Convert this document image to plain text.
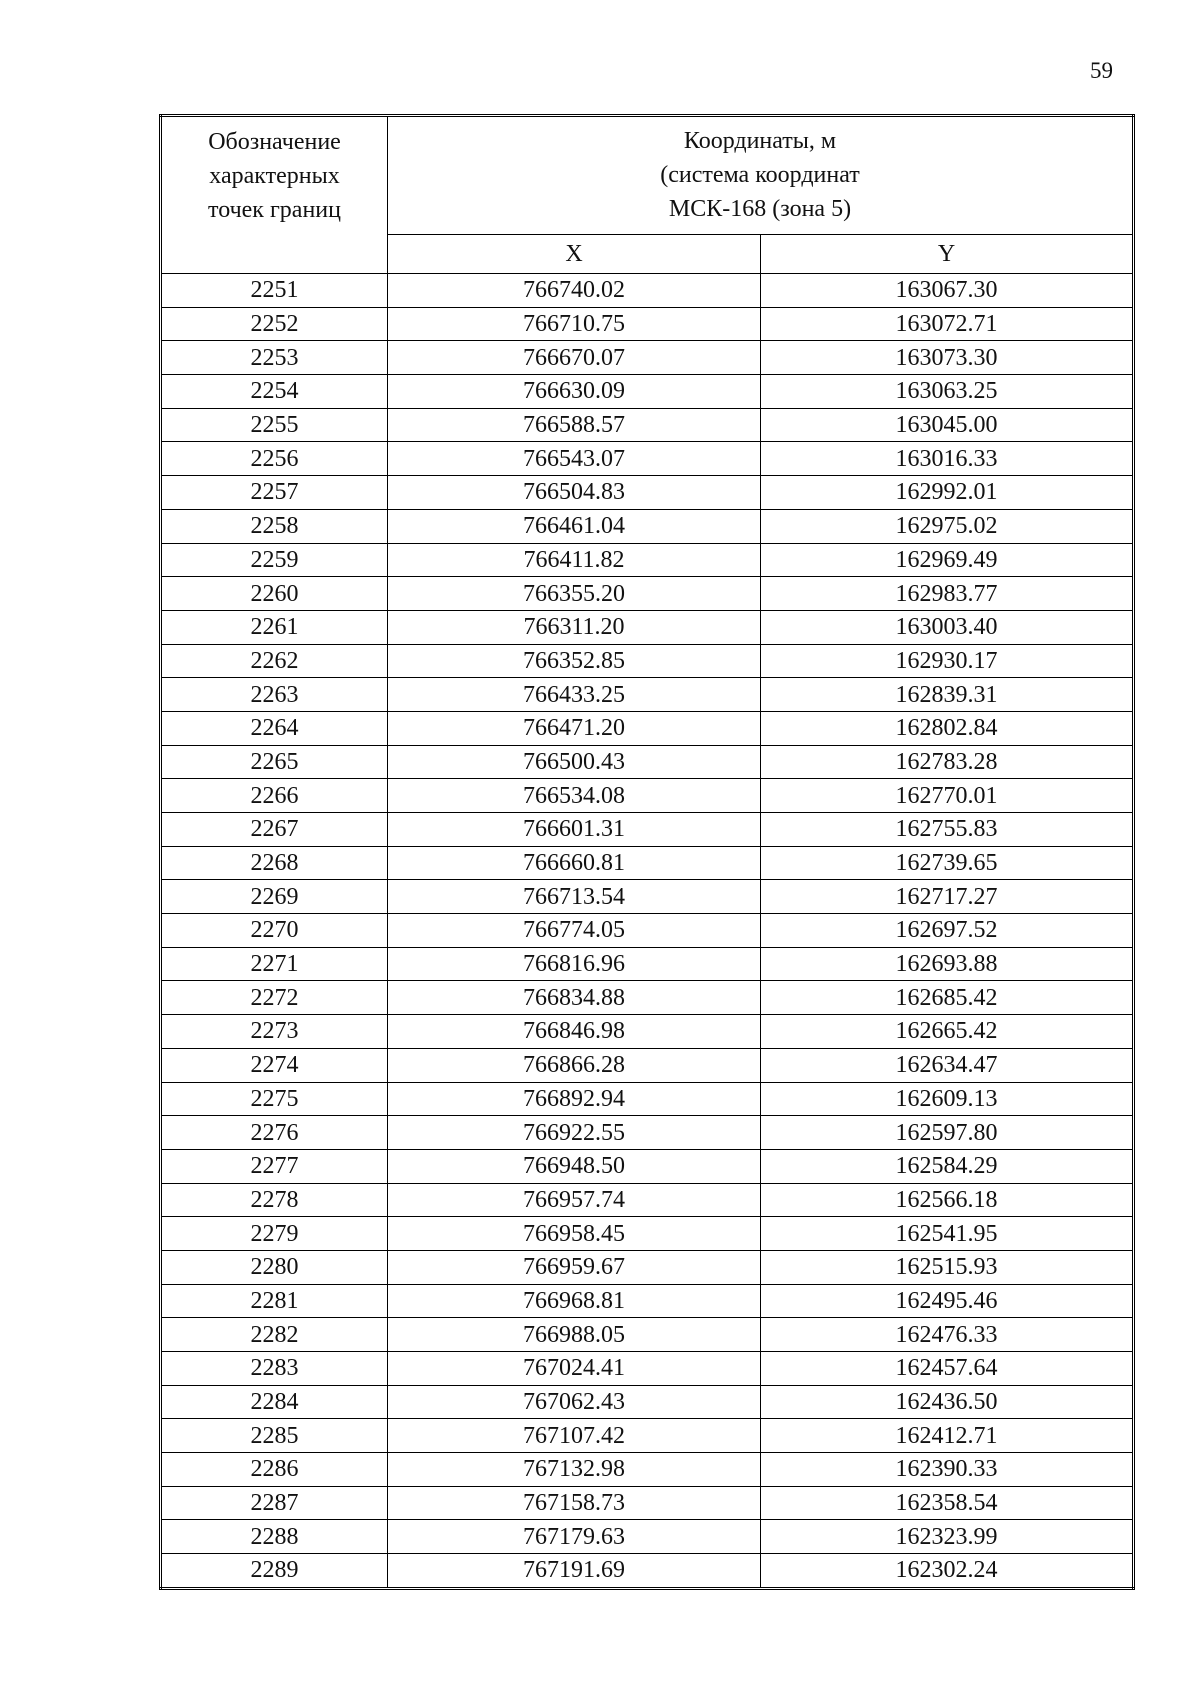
59
Обозначение
характерных
точек границ	Координаты, м
(система координат
МСК-168 (зона 5)	

	X	Y
2251	766740.02	163067.30
2252	766710.75	163072.71
2253	766670.07	163073.30
2254	766630.09	163063.25
2255	766588.57	163045.00
2256	766543.07	163016.33
2257	766504.83	162992.01
2258	766461.04	162975.02
2259	766411.82	162969.49
2260	766355.20	162983.77
2261	766311.20	163003.40
2262	766352.85	162930.17
2263	766433.25	162839.31
2264	766471.20	162802.84
2265	766500.43	162783.28
2266	766534.08	162770.01
2267	766601.31	162755.83
2268	766660.81	162739.65
2269	766713.54	162717.27
2270	766774.05	162697.52
2271	766816.96	162693.88
2272	766834.88	162685.42
2273	766846.98	162665.42
2274	766866.28	162634.47
2275	766892.94	162609.13
2276	766922.55	162597.80
2277	766948.50	162584.29
2278	766957.74	162566.18
2279	766958.45	162541.95
2280	766959.67	162515.93
2281	766968.81	162495.46
2282	766988.05	162476.33
2283	767024.41	162457.64
2284	767062.43	162436.50
2285	767107.42	162412.71
2286	767132.98	162390.33
2287	767158.73	162358.54
2288	767179.63	162323.99
2289	767191.69	162302.24
